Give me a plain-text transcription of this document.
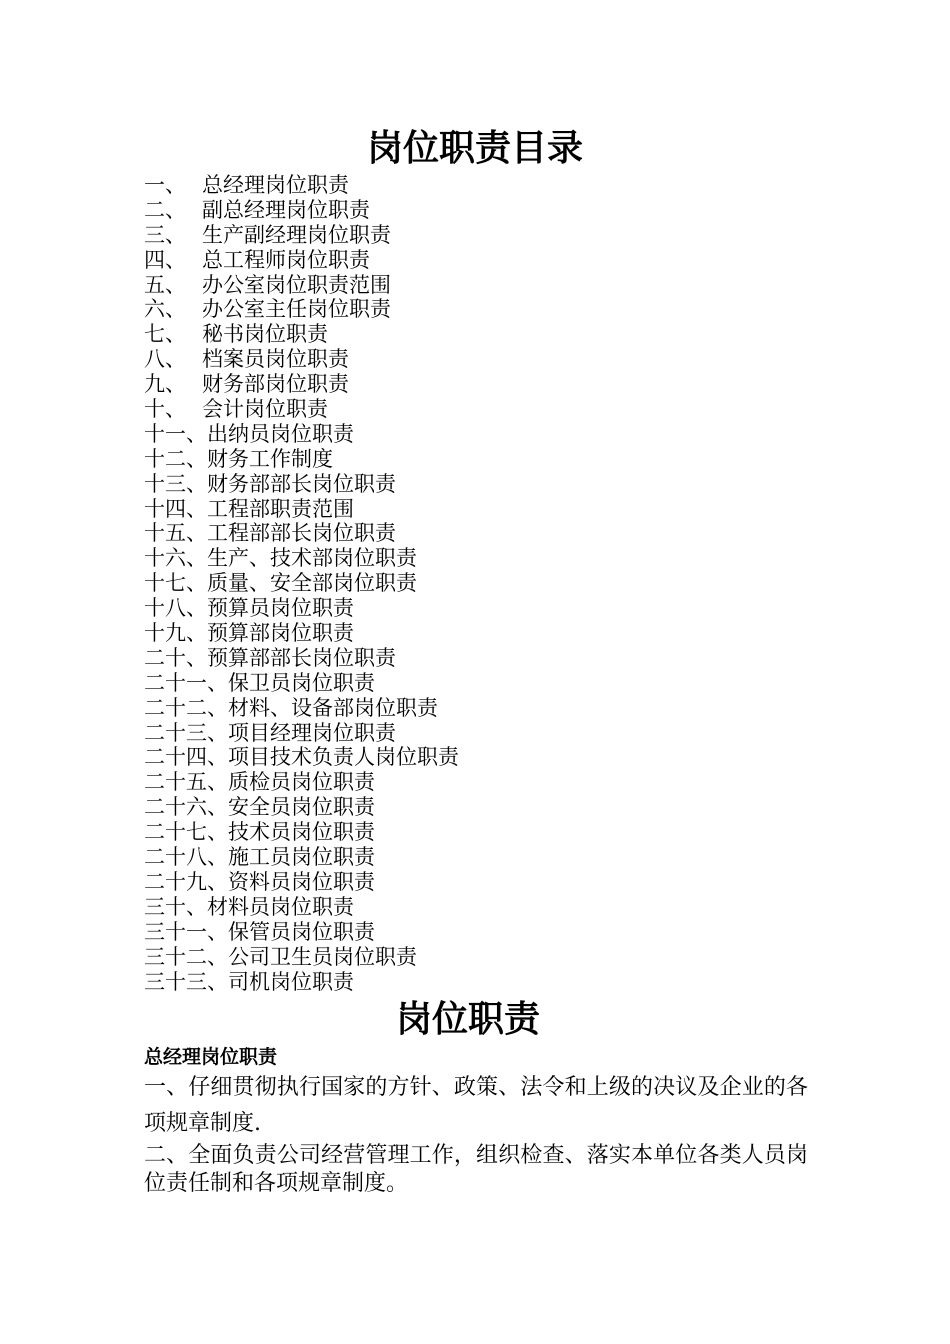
岗位职责目录
一、 总经理岗位职责
二、 副总经理岗位职责
三、 生产副经理岗位职责
四、 总工程师岗位职责
五、 办公室岗位职责范围
六、 办公室主任岗位职责
七、 秘书岗位职责
八、 档案员岗位职责
九、 财务部岗位职责
十、 会计岗位职责
十一、 出纳员岗位职责
十二、 财务工作制度
十三、 财务部部长岗位职责
十四、 工程部职责范围
十五、 工程部部长岗位职责
十六、 生产、技术部岗位职责
十七、 质量、安全部岗位职责
十八、 预算员岗位职责
十九、 预算部岗位职责
二十、 预算部部长岗位职责
二十一、 保卫员岗位职责
二十二、 材料、设备部岗位职责
二十三、 项目经理岗位职责
二十四、 项目技术负责人岗位职责
二十五、 质检员岗位职责
二十六、 安全员岗位职责
二十七、 技术员岗位职责
二十八、 施工员岗位职责
二十九、 资料员岗位职责
三十、 材料员岗位职责
三十一、 保管员岗位职责
三十二、 公司卫生员岗位职责
三十三、 司机岗位职责
岗位职责
总经理岗位职责

一、仔细贯彻执行国家的方针、政策、法令和上级的决议及企业的各项规章制度.

二、全面负责公司经营管理工作，组织检查、落实本单位各类人员岗位责任制和各项规章制度。
